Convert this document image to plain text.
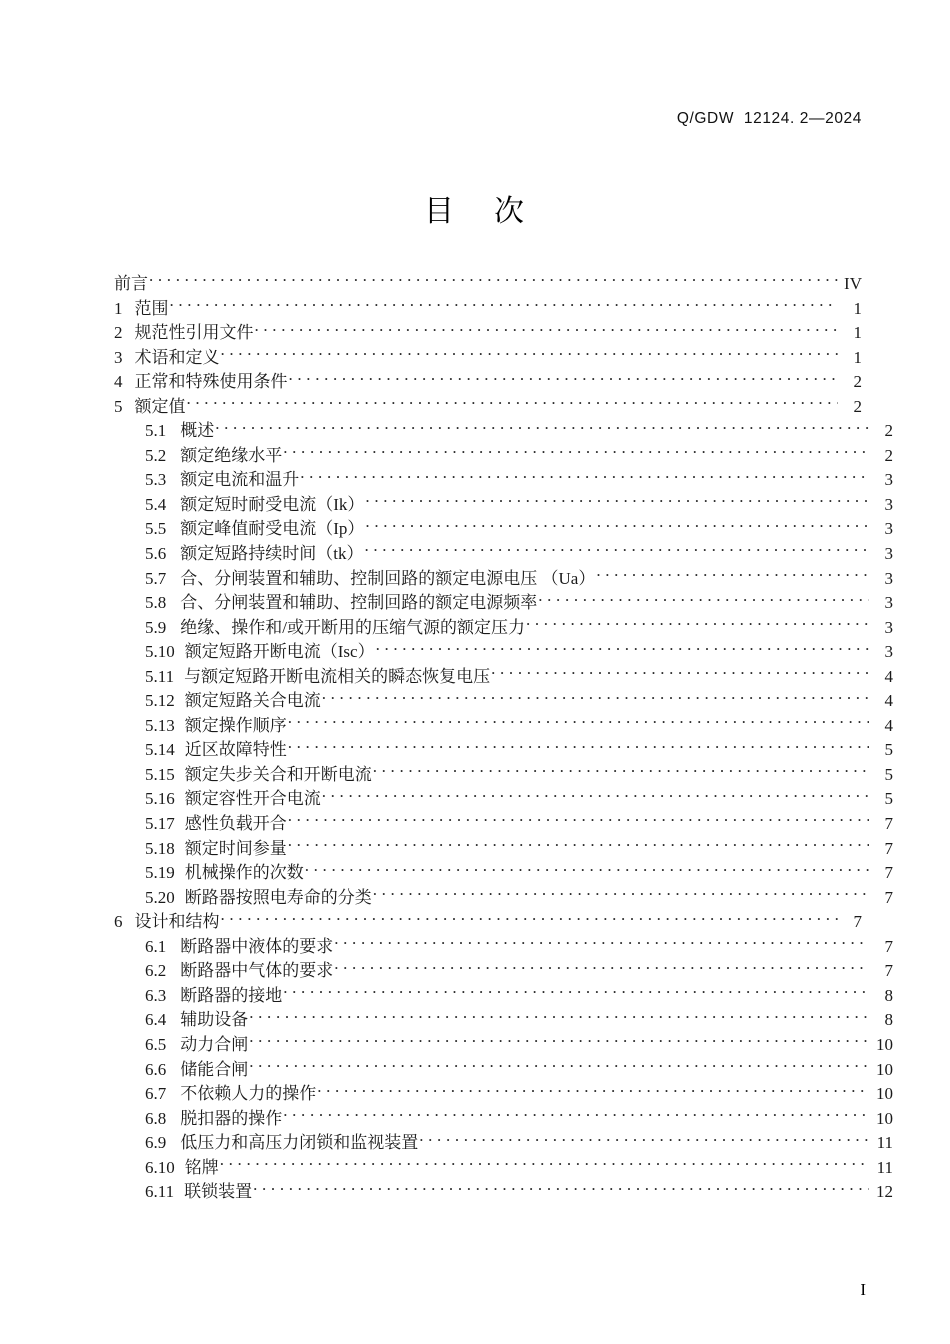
Q/GDW  12124. 2—2024
目    次
前言 . . .	IV
1 范围 . . .	1
2 规范性引用文件 . . .	1
3 术语和定义 . . .	1
4 正常和特殊使用条件 . . .	2
5 额定值 . . .	2
5.1 概述 . . .	2
5.2 额定绝缘水平 . . .	2
5.3 额定电流和温升 . . .	3
5.4 额定短时耐受电流（Ik） . . .	3
5.5 额定峰值耐受电流（Ip） . . .	3
5.6 额定短路持续时间（tk） . . .	3
5.7 合、分闸装置和辅助、控制回路的额定电源电压 （Ua） . . .	3
5.8 合、分闸装置和辅助、控制回路的额定电源频率 . . .	3
5.9 绝缘、操作和/或开断用的压缩气源的额定压力 . . .	3
5.10 额定短路开断电流（Isc） . . .	3
5.11 与额定短路开断电流相关的瞬态恢复电压 . . .	4
5.12 额定短路关合电流 . . .	4
5.13 额定操作顺序 . . .	4
5.14 近区故障特性 . . .	5
5.15 额定失步关合和开断电流 . . .	5
5.16 额定容性开合电流 . . .	5
5.17 感性负载开合 . . .	7
5.18 额定时间参量 . . .	7
5.19 机械操作的次数 . . .	7
5.20 断路器按照电寿命的分类 . . .	7
6 设计和结构 . . .	7
6.1 断路器中液体的要求 . . .	7
6.2 断路器中气体的要求 . . .	7
6.3 断路器的接地 . . .	8
6.4 辅助设备 . . .	8
6.5 动力合闸 . . .	10
6.6 储能合闸 . . .	10
6.7 不依赖人力的操作 . . .	10
6.8 脱扣器的操作 . . .	10
6.9 低压力和高压力闭锁和监视装置 . . .	11
6.10 铭牌 . . .	11
6.11 联锁装置 . . .	12
I
